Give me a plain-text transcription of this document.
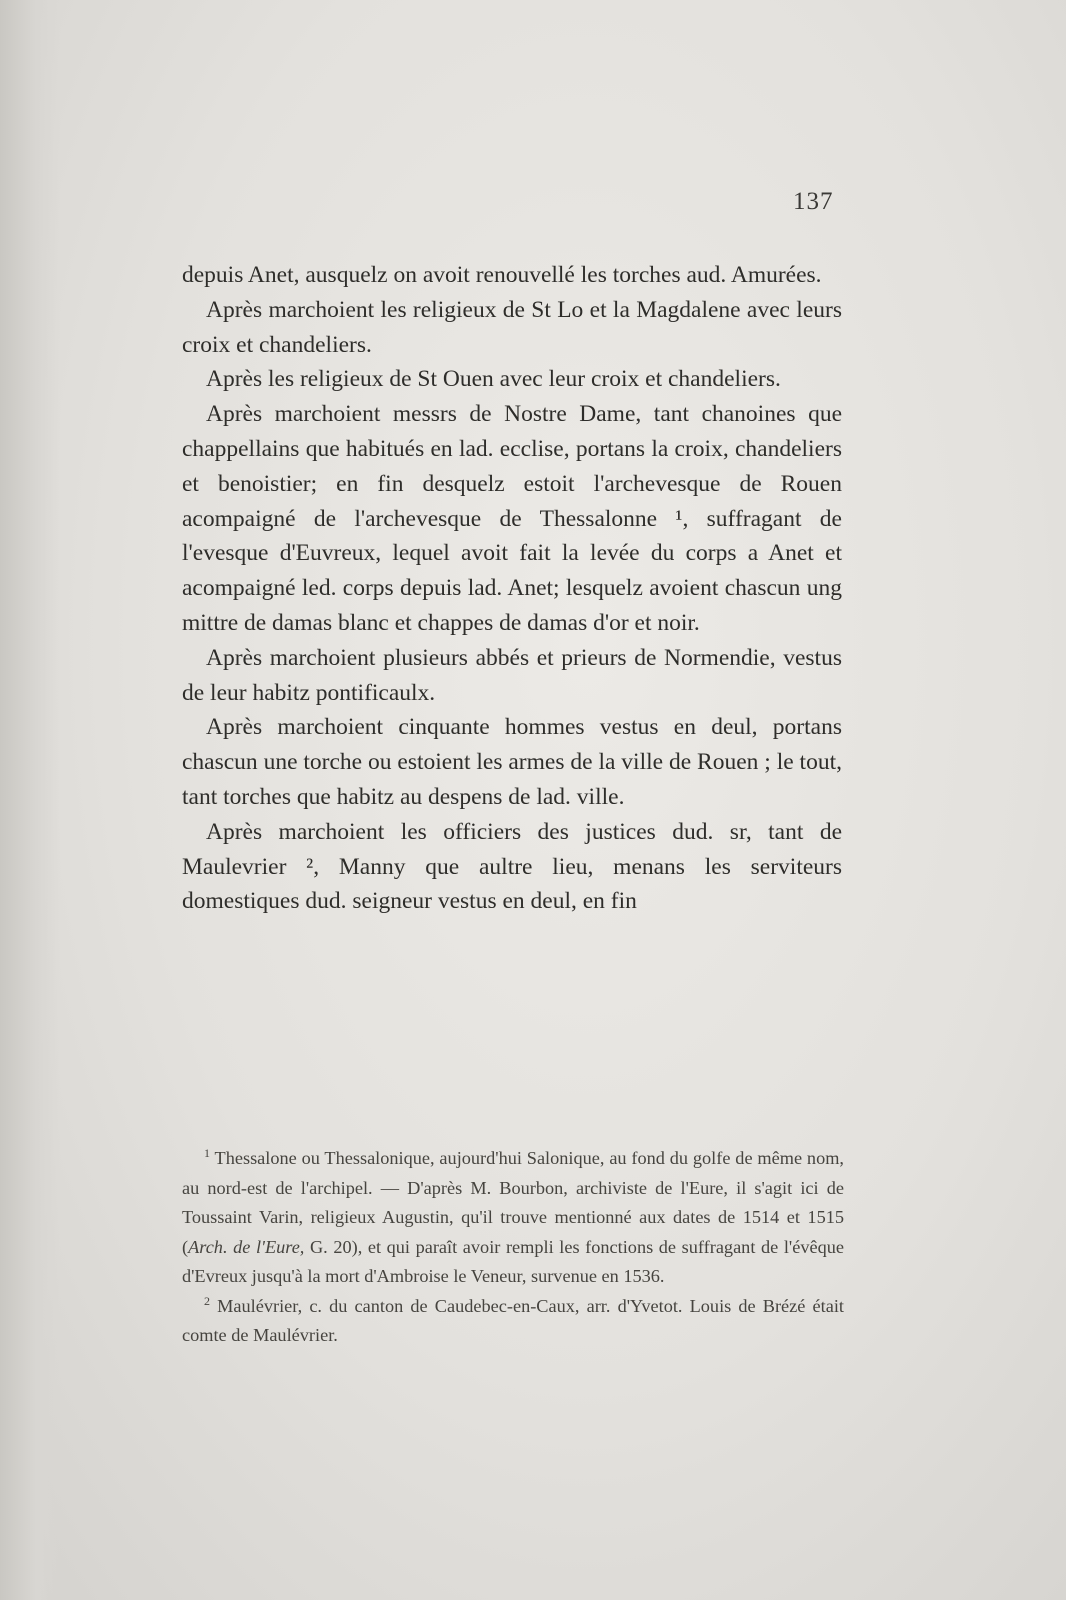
137

depuis Anet, ausquelz on avoit renouvellé les torches aud. Amurées.

Après marchoient les religieux de St Lo et la Magdalene avec leurs croix et chandeliers.

Après les religieux de St Ouen avec leur croix et chandeliers.

Après marchoient messrs de Nostre Dame, tant chanoines que chappellains que habitués en lad. ecclise, portans la croix, chandeliers et benoistier; en fin desquelz estoit l'archevesque de Rouen acompaigné de l'archevesque de Thessalonne ¹, suffragant de l'evesque d'Euvreux, lequel avoit fait la levée du corps a Anet et acompaigné led. corps depuis lad. Anet; lesquelz avoient chascun ung mittre de damas blanc et chappes de damas d'or et noir.

Après marchoient plusieurs abbés et prieurs de Normendie, vestus de leur habitz pontificaulx.

Après marchoient cinquante hommes vestus en deul, portans chascun une torche ou estoient les armes de la ville de Rouen ; le tout, tant torches que habitz au despens de lad. ville.

Après marchoient les officiers des justices dud. sr, tant de Maulevrier ², Manny que aultre lieu, menans les serviteurs domestiques dud. seigneur vestus en deul, en fin

$^1$ Thessalone ou Thessalonique, aujourd'hui Salonique, au fond du golfe de même nom, au nord-est de l'archipel. — D'après M. Bourbon, archiviste de l'Eure, il s'agit ici de Toussaint Varin, religieux Augustin, qu'il trouve mentionné aux dates de 1514 et 1515 (Arch. de l'Eure, G. 20), et qui paraît avoir rempli les fonctions de suffragant de l'évêque d'Evreux jusqu'à la mort d'Ambroise le Veneur, survenue en 1536.

$^2$ Maulévrier, c. du canton de Caudebec-en-Caux, arr. d'Yvetot. Louis de Brézé était comte de Maulévrier.
